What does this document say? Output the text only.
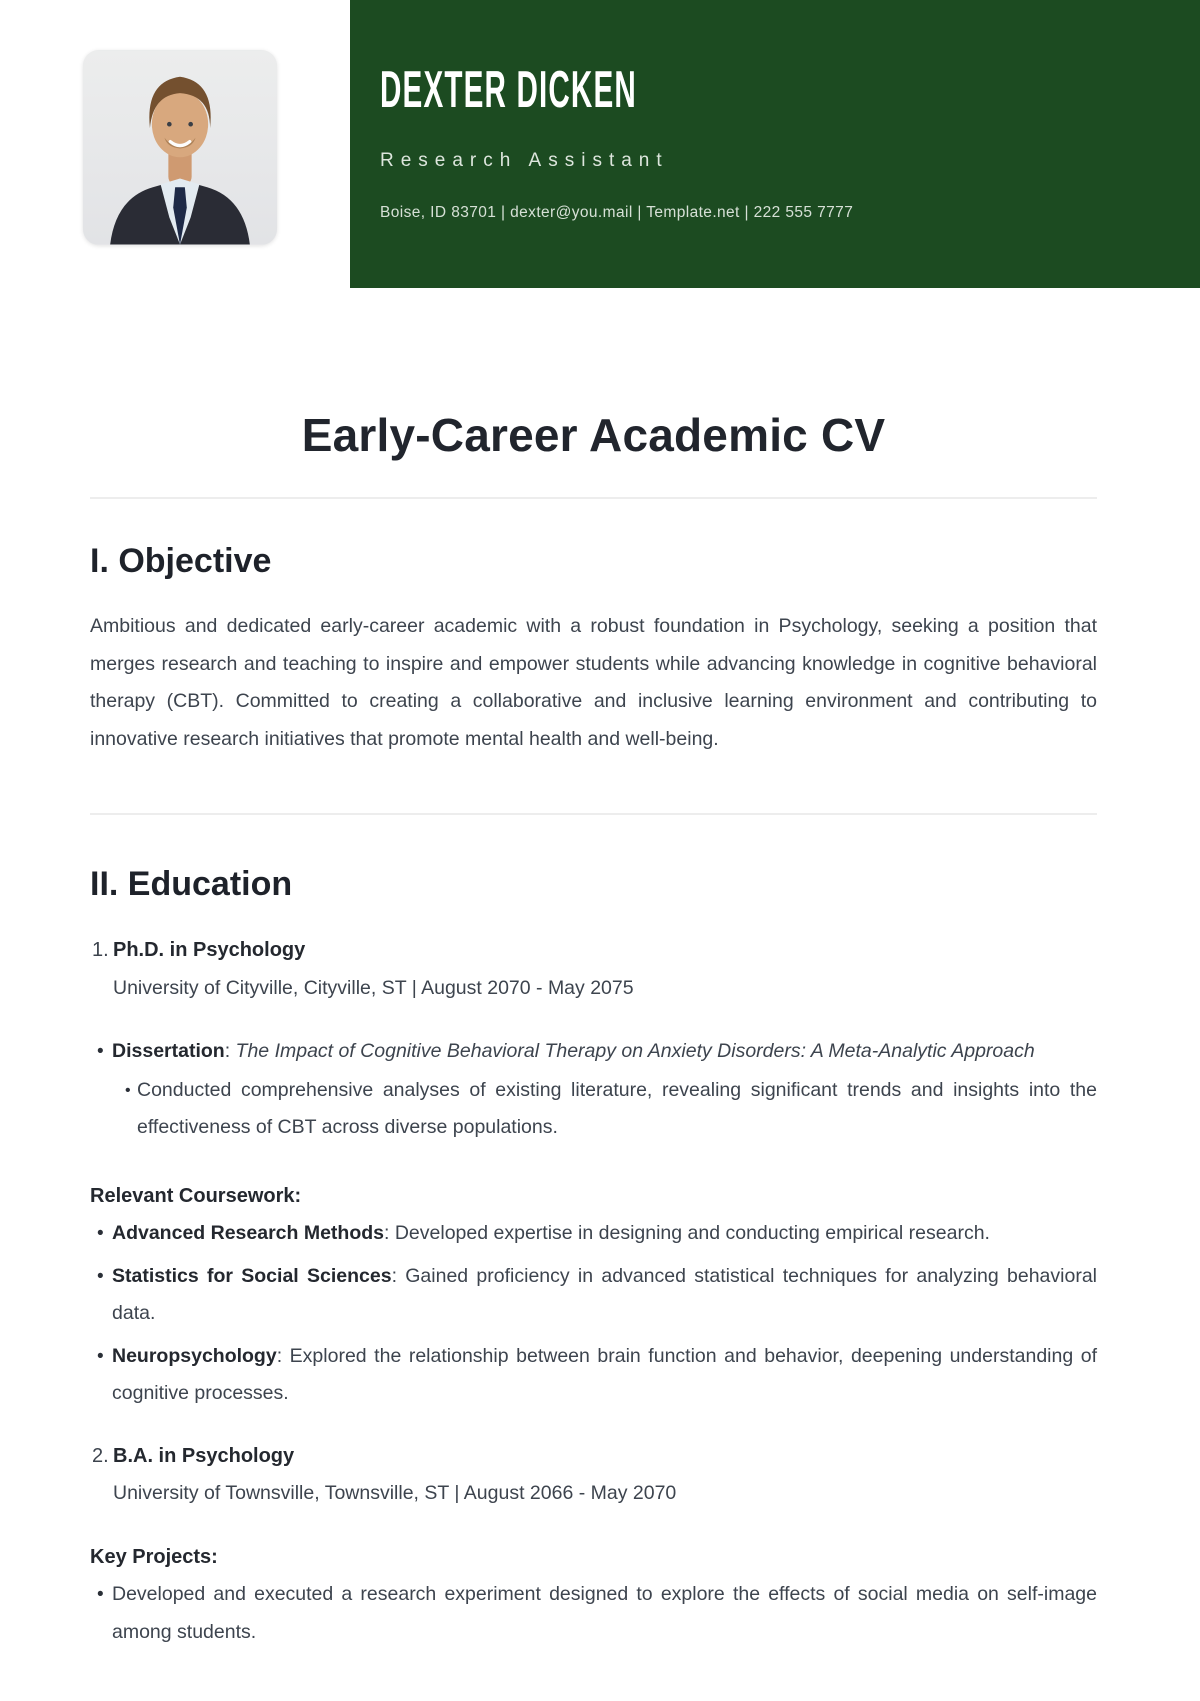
DEXTER DICKEN
Research Assistant
Boise, ID 83701 | dexter@you.mail | Template.net | 222 555 7777
Early-Career Academic CV
I. Objective

Ambitious and dedicated early-career academic with a robust foundation in Psychology, seeking a position that merges research and teaching to inspire and empower students while advancing knowledge in cognitive behavioral therapy (CBT). Committed to creating a collaborative and inclusive learning environment and contributing to innovative research initiatives that promote mental health and well-being.

II. Education
1. Ph.D. in Psychology
University of Cityville, Cityville, ST | August 2070 - May 2075
• Dissertation: The Impact of Cognitive Behavioral Therapy on Anxiety Disorders: A Meta-Analytic Approach
• Conducted comprehensive analyses of existing literature, revealing significant trends and insights into the effectiveness of CBT across diverse populations.
Relevant Coursework:
• Advanced Research Methods: Developed expertise in designing and conducting empirical research.
• Statistics for Social Sciences: Gained proficiency in advanced statistical techniques for analyzing behavioral data.
• Neuropsychology: Explored the relationship between brain function and behavior, deepening understanding of cognitive processes.
2. B.A. in Psychology
University of Townsville, Townsville, ST | August 2066 - May 2070
Key Projects:
• Developed and executed a research experiment designed to explore the effects of social media on self-image among students.
